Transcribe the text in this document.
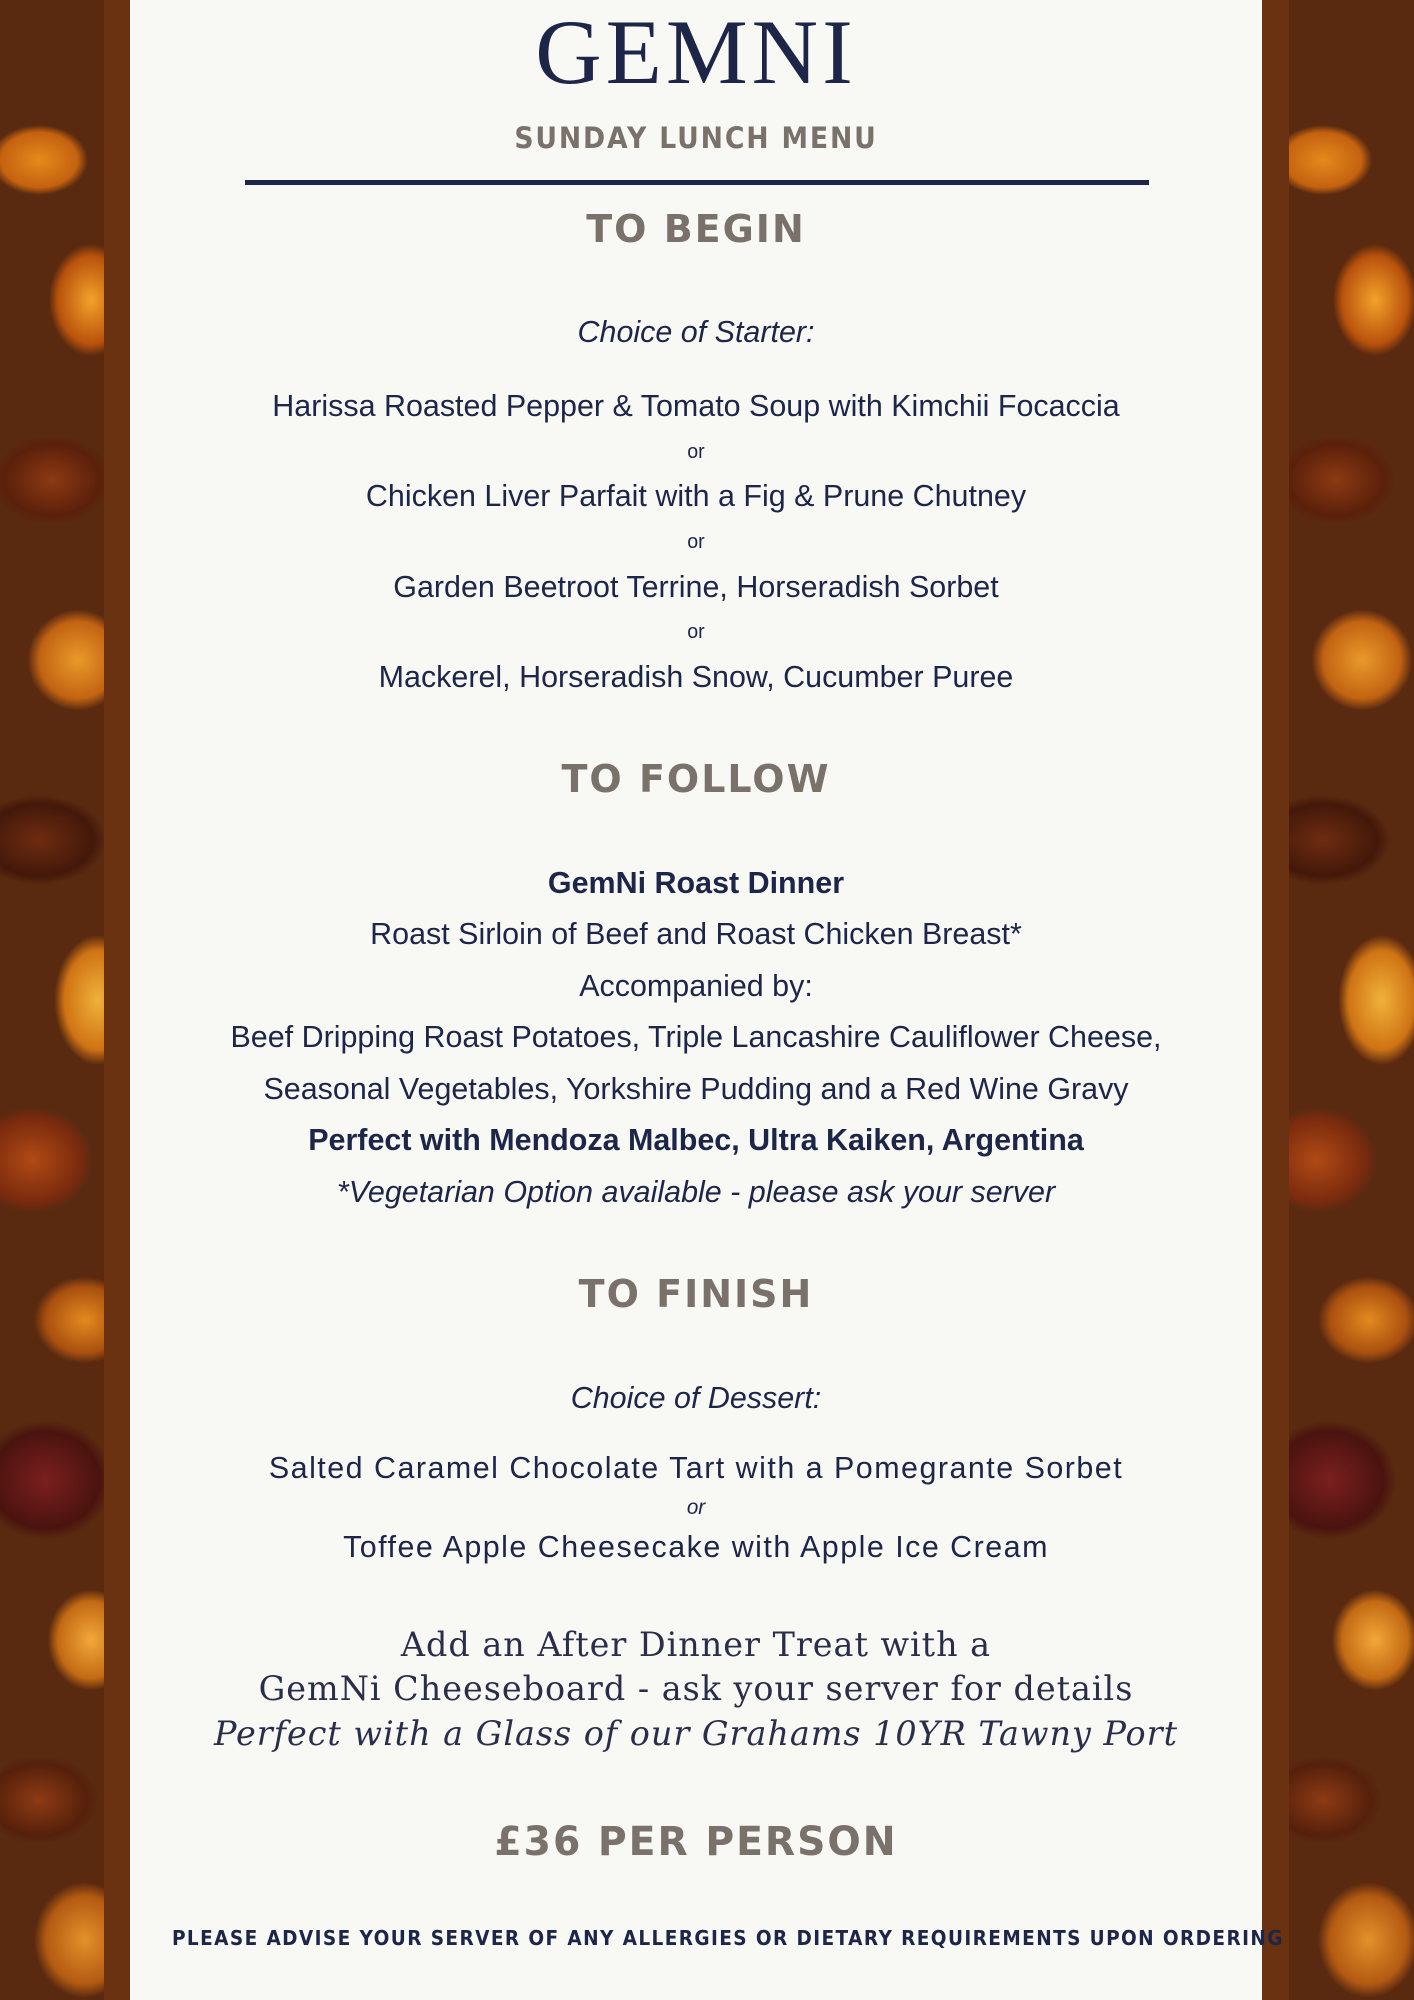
GEMNI
SUNDAY LUNCH MENU
TO BEGIN
Choice of Starter:
Harissa Roasted Pepper & Tomato Soup with Kimchii Focaccia
or
Chicken Liver Parfait with a Fig & Prune Chutney
or
Garden Beetroot Terrine, Horseradish Sorbet
or
Mackerel, Horseradish Snow, Cucumber Puree
TO FOLLOW
GemNi Roast Dinner
Roast Sirloin of Beef and Roast Chicken Breast*
Accompanied by:
Beef Dripping Roast Potatoes, Triple Lancashire Cauliflower Cheese,
Seasonal Vegetables, Yorkshire Pudding and a Red Wine Gravy
Perfect with Mendoza Malbec, Ultra Kaiken, Argentina
*Vegetarian Option available - please ask your server
TO FINISH
Choice of Dessert:
Salted Caramel Chocolate Tart with a Pomegrante Sorbet
or
Toffee Apple Cheesecake with Apple Ice Cream
Add an After Dinner Treat with a
GemNi Cheeseboard - ask your server for details
Perfect with a Glass of our Grahams 10YR Tawny Port
£36 PER PERSON
PLEASE ADVISE YOUR SERVER OF ANY ALLERGIES OR DIETARY REQUIREMENTS UPON ORDERING
